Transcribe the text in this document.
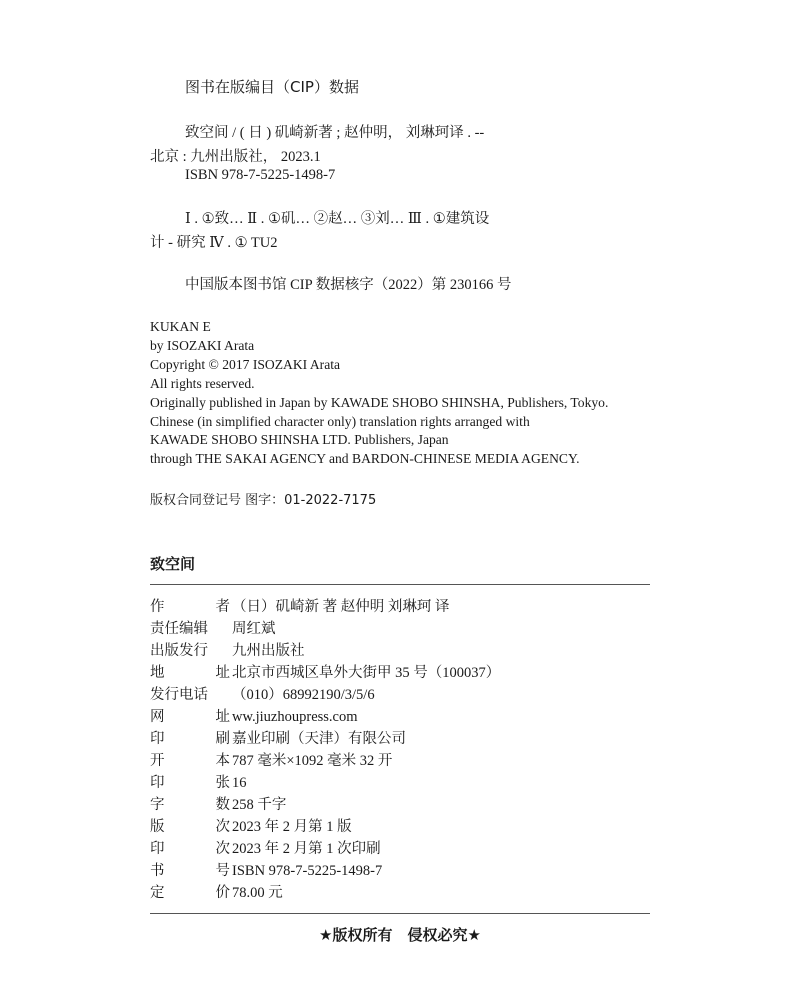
图书在版编目（CIP）数据
致空间 / ( 日 ) 矶崎新著 ; 赵仲明， 刘琳珂译 . --
北京 : 九州出版社， 2023.1
ISBN 978-7-5225-1498-7
Ⅰ . ①致… Ⅱ . ①矶… ②赵… ③刘… Ⅲ . ①建筑设
计 - 研究 Ⅳ . ① TU2
中国版本图书馆 CIP 数据核字（2022）第 230166 号
KUKAN E
by ISOZAKI Arata
Copyright © 2017 ISOZAKI Arata
All rights reserved.
Originally published in Japan by KAWADE SHOBO SHINSHA, Publishers, Tokyo.
Chinese (in simplified character only) translation rights arranged with
KAWADE SHOBO SHINSHA LTD. Publishers, Japan
through THE SAKAI AGENCY and BARDON-CHINESE MEDIA AGENCY.
版权合同登记号 图字：01-2022-7175
致空间
作	者 （日）矶崎新 著 赵仲明 刘琳珂 译
责任编辑 周红斌
出版发行 九州出版社
地	址 北京市西城区阜外大街甲 35 号（100037）
发行电话 （010）68992190/3/5/6
网	址 ww.jiuzhoupress.com
印	刷 嘉业印刷（天津）有限公司
开	本 787 毫米×1092 毫米 32 开
印	张 16
字	数 258 千字
版	次 2023 年 2 月第 1 版
印	次 2023 年 2 月第 1 次印刷
书	号 ISBN 978-7-5225-1498-7
定	价 78.00 元
★版权所有　侵权必究★
